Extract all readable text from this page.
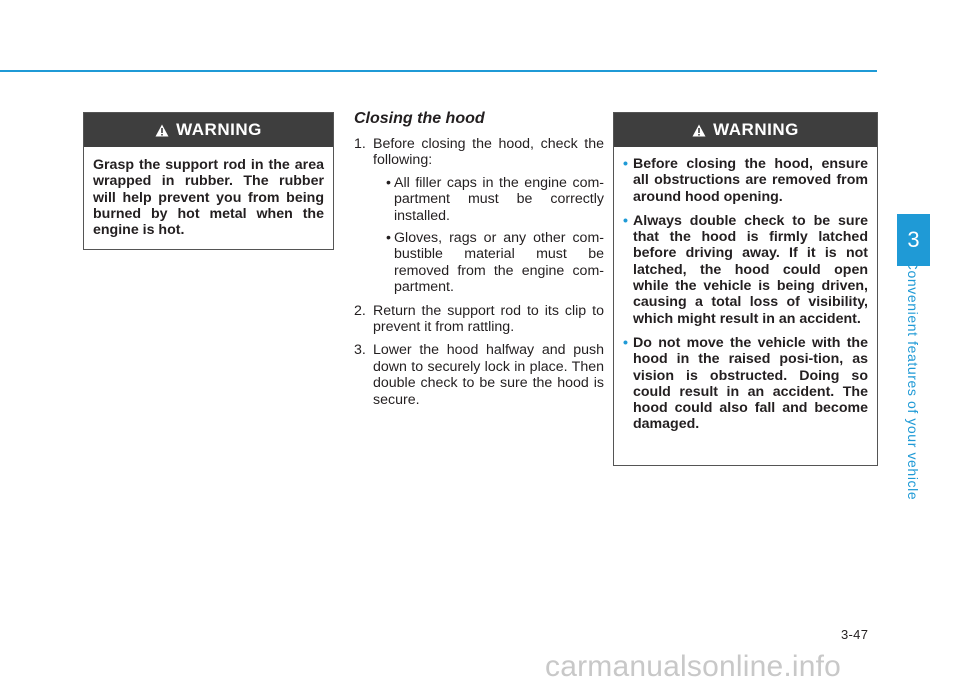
3
Convenient features of your vehicle
WARNING
Grasp the support rod in the area wrapped in rubber. The rubber will help prevent you from being burned by hot metal when the engine is hot.
Closing the hood
1. Before closing the hood, check the following:
• All filler caps in the engine com-partment must be correctly installed.
• Gloves, rags or any other com-bustible material must be removed from the engine com-partment.
2. Return the support rod to its clip to prevent it from rattling.
3. Lower the hood halfway and push down to securely lock in place. Then double check to be sure the hood is secure.
WARNING
• Before closing the hood, ensure all obstructions are removed from around hood opening.
• Always double check to be sure that the hood is firmly latched before driving away. If it is not latched, the hood could open while the vehicle is being driven, causing a total loss of visibility, which might result in an accident.
• Do not move the vehicle with the hood in the raised posi-tion, as vision is obstructed. Doing so could result in an accident. The hood could also fall and become damaged.
3-47
carmanualsonline.info
